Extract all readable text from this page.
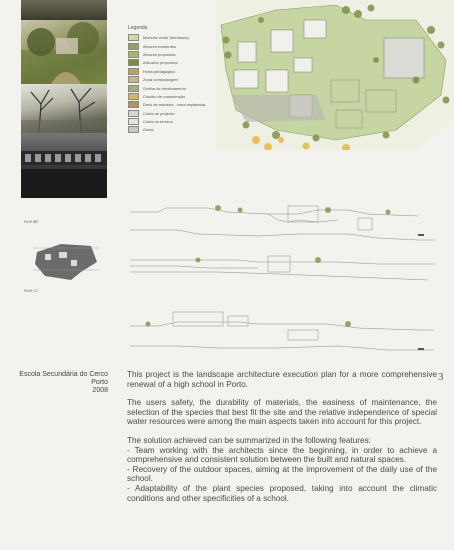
Legenda
Mancha verde (herbácea)
Árvores existentes
Árvores propostas
Arbustos propostos
Horta pedagógica
Zona compostagem
Grelha de enrelvamento
Circuito de manutenção
Deck de madeira - zona esplanada
Cotas de projecto
Cotas do terreno
Guias
Perfil BB'
Perfil CC'
Escola Secundária do Cerco
Porto
2008
3

This project is the landscape architecture execution plan for a more comprehensive renewal of a high school in Porto.

The users safety, the durability of materials, the easiness of maintenance, the selection of the species that best fit the site and the relative independence of special water resources were among the main aspects taken into account for this project.

The solution achieved can be summarized in the following features:
- Team working with the architects since the beginning, in order to achieve a comprehensive and consistent solution between the built and natural spaces.
- Recovery of the outdoor spaces, aiming at the improvement of the daily use of the school.
- Adaptability of the plant species proposed, taking into account the climatic conditions and other specificities of a school.
